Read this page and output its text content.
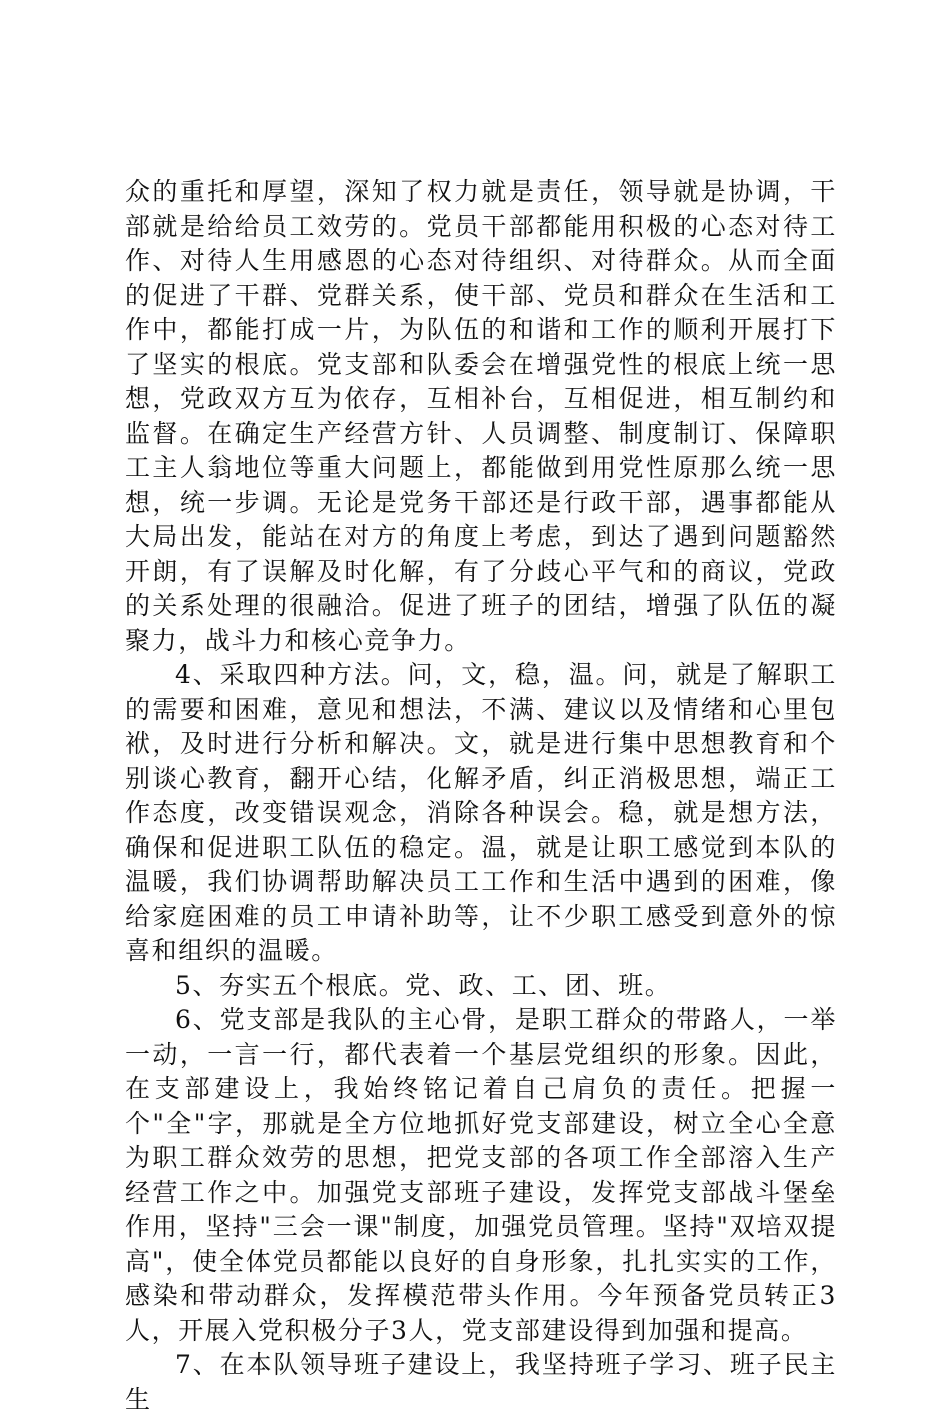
众的重托和厚望，深知了权力就是责任，领导就是协调，干部就是给给员工效劳的。党员干部都能用积极的心态对待工作、对待人生用感恩的心态对待组织、对待群众。从而全面的促进了干群、党群关系，使干部、党员和群众在生活和工作中，都能打成一片，为队伍的和谐和工作的顺利开展打下了坚实的根底。党支部和队委会在增强党性的根底上统一思想，党政双方互为依存，互相补台，互相促进，相互制约和监督。在确定生产经营方针、人员调整、制度制订、保障职工主人翁地位等重大问题上，都能做到用党性原那么统一思想，统一步调。无论是党务干部还是行政干部，遇事都能从大局出发，能站在对方的角度上考虑，到达了遇到问题豁然开朗，有了误解及时化解，有了分歧心平气和的商议，党政的关系处理的很融洽。促进了班子的团结，增强了队伍的凝聚力，战斗力和核心竞争力。

4、采取四种方法。问，文，稳，温。问，就是了解职工的需要和困难，意见和想法，不满、建议以及情绪和心里包袱，及时进行分析和解决。文，就是进行集中思想教育和个别谈心教育，翻开心结，化解矛盾，纠正消极思想，端正工作态度，改变错误观念，消除各种误会。稳，就是想方法，确保和促进职工队伍的稳定。温，就是让职工感觉到本队的温暖，我们协调帮助解决员工工作和生活中遇到的困难，像给家庭困难的员工申请补助等，让不少职工感受到意外的惊喜和组织的温暖。

5、夯实五个根底。党、政、工、团、班。

6、党支部是我队的主心骨，是职工群众的带路人，一举一动，一言一行，都代表着一个基层党组织的形象。因此，在支部建设上，我始终铭记着自己肩负的责任。把握一个"全"字，那就是全方位地抓好党支部建设，树立全心全意为职工群众效劳的思想，把党支部的各项工作全部溶入生产经营工作之中。加强党支部班子建设，发挥党支部战斗堡垒作用，坚持"三会一课"制度，加强党员管理。坚持"双培双提高"，使全体党员都能以良好的自身形象，扎扎实实的工作，感染和带动群众，发挥模范带头作用。今年预备党员转正3人，开展入党积极分子3人，党支部建设得到加强和提高。

7、在本队领导班子建设上，我坚持班子学习、班子民主生
